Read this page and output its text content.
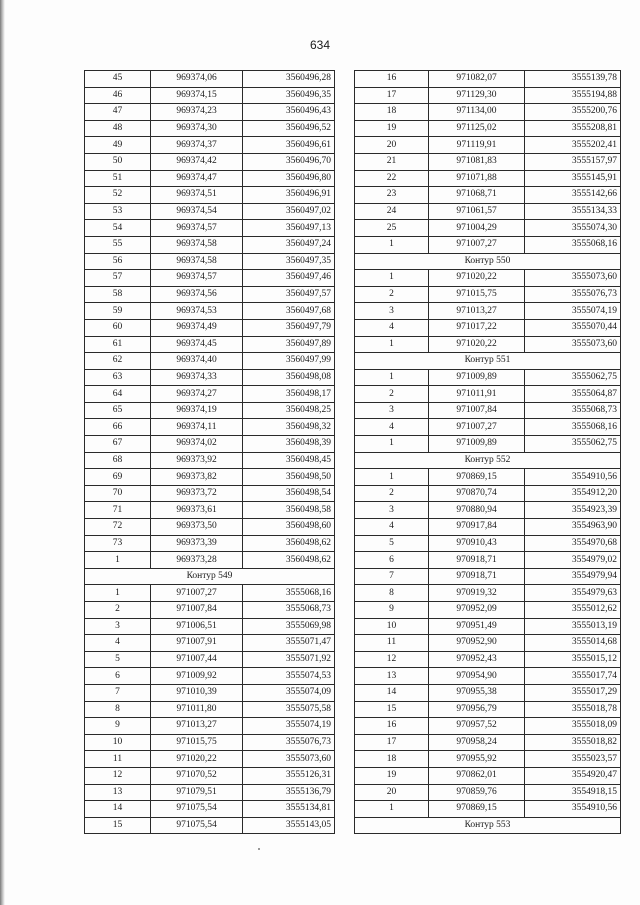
634
45	969374,06	3560496,28
46	969374,15	3560496,35
47	969374,23	3560496,43
48	969374,30	3560496,52
49	969374,37	3560496,61
50	969374,42	3560496,70
51	969374,47	3560496,80
52	969374,51	3560496,91
53	969374,54	3560497,02
54	969374,57	3560497,13
55	969374,58	3560497,24
56	969374,58	3560497,35
57	969374,57	3560497,46
58	969374,56	3560497,57
59	969374,53	3560497,68
60	969374,49	3560497,79
61	969374,45	3560497,89
62	969374,40	3560497,99
63	969374,33	3560498,08
64	969374,27	3560498,17
65	969374,19	3560498,25
66	969374,11	3560498,32
67	969374,02	3560498,39
68	969373,92	3560498,45
69	969373,82	3560498,50
70	969373,72	3560498,54
71	969373,61	3560498,58
72	969373,50	3560498,60
73	969373,39	3560498,62
1	969373,28	3560498,62
Контур 549		
1	971007,27	3555068,16
2	971007,84	3555068,73
3	971006,51	3555069,98
4	971007,91	3555071,47
5	971007,44	3555071,92
6	971009,92	3555074,53
7	971010,39	3555074,09
8	971011,80	3555075,58
9	971013,27	3555074,19
10	971015,75	3555076,73
11	971020,22	3555073,60
12	971070,52	3555126,31
13	971079,51	3555136,79
14	971075,54	3555134,81
15	971075,54	3555143,05
16	971082,07	3555139,78
17	971129,30	3555194,88
18	971134,00	3555200,76
19	971125,02	3555208,81
20	971119,91	3555202,41
21	971081,83	3555157,97
22	971071,88	3555145,91
23	971068,71	3555142,66
24	971061,57	3555134,33
25	971004,29	3555074,30
1	971007,27	3555068,16
Контур 550		
1	971020,22	3555073,60
2	971015,75	3555076,73
3	971013,27	3555074,19
4	971017,22	3555070,44
1	971020,22	3555073,60
Контур 551		
1	971009,89	3555062,75
2	971011,91	3555064,87
3	971007,84	3555068,73
4	971007,27	3555068,16
1	971009,89	3555062,75
Контур 552		
1	970869,15	3554910,56
2	970870,74	3554912,20
3	970880,94	3554923,39
4	970917,84	3554963,90
5	970910,43	3554970,68
6	970918,71	3554979,02
7	970918,71	3554979,94
8	970919,32	3554979,63
9	970952,09	3555012,62
10	970951,49	3555013,19
11	970952,90	3555014,68
12	970952,43	3555015,12
13	970954,90	3555017,74
14	970955,38	3555017,29
15	970956,79	3555018,78
16	970957,52	3555018,09
17	970958,24	3555018,82
18	970955,92	3555023,57
19	970862,01	3554920,47
20	970859,76	3554918,15
1	970869,15	3554910,56
Контур 553		
